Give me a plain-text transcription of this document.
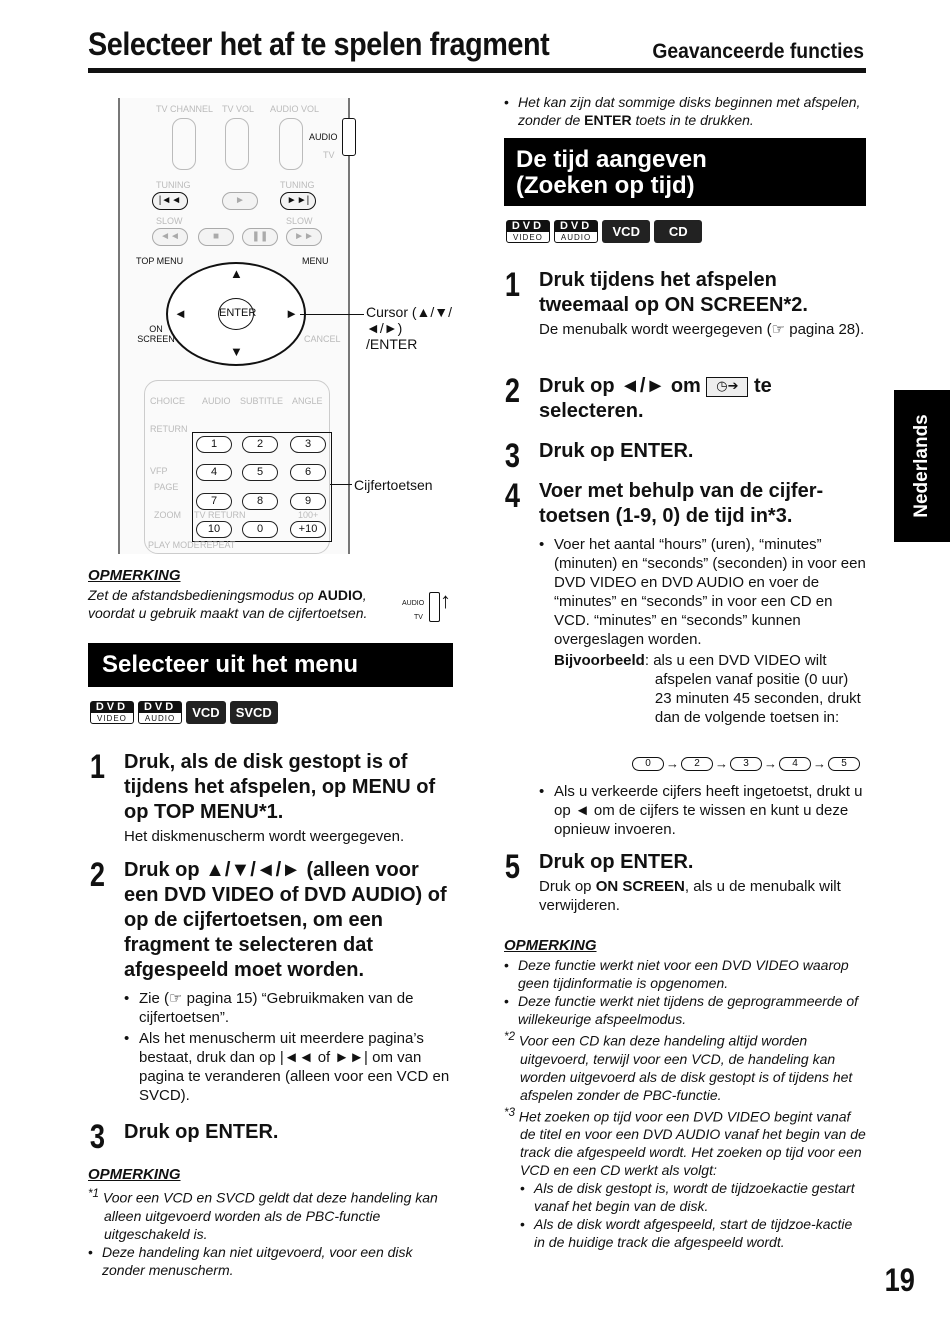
Selecteer het af te spelen fragment	Geavanceerde functies
TV CHANNEL TV VOL AUDIO VOL
AUDIO
TV
TUNING	TUNING
|◄◄	►	►►|
SLOW	SLOW
◄◄	■	❚❚	►►
TOP MENU	MENU
▲
▼
◄	►
ENTER
ON SCREEN	CANCEL
CHOICE AUDIO SUBTITLE ANGLE
RETURN
1	2	3
VFP	4	5	6
PAGE
7	8	9
ZOOM TV RETURN	100+
10	0	+10
PLAY MODE REPEAT
Cursor (▲/▼/◄/►) /ENTER
Cijfertoetsen
OPMERKING
Zet de afstandsbedieningsmodus op AUDIO, voordat u gebruik maakt van de cijfertoetsen.
AUDIO
TV
↑
Selecteer uit het menu
DVD
VIDEO
DVD
AUDIO	VCD	SVCD
1 Druk, als de disk gestopt is of tijdens het afspelen, op MENU of op TOP MENU*1.
Het diskmenuscherm wordt weergegeven.
2 Druk op ▲/▼/◄/► (alleen voor een DVD VIDEO of DVD AUDIO) of op de cijfertoetsen, om een fragment te selecteren dat afgespeeld moet worden.
• Zie (☞ pagina 15) “Gebruikmaken van de cijfertoetsen”.
• Als het menuscherm uit meerdere pagina’s bestaat, druk dan op |◄◄ of ►►| om van pagina te veranderen (alleen voor een VCD en SVCD).
3 Druk op ENTER.
OPMERKING
$^{*1}$ Voor een VCD en SVCD geldt dat deze handeling kan alleen uitgevoerd worden als de PBC-functie uitgeschakeld is.
• Deze handeling kan niet uitgevoerd, voor een disk zonder menuscherm.
• Het kan zijn dat sommige disks beginnen met afspelen, zonder de ENTER toets in te drukken.
De tijd aangeven
(Zoeken op tijd)
DVD
VIDEO
DVD
AUDIO	VCD	CD
1 Druk tijdens het afspelen tweemaal op ON SCREEN*2.
De menubalk wordt weergegeven (☞ pagina 28).
2 Druk op ◄/► om ◷➔ te selecteren.
3 Druk op ENTER.
4 Voer met behulp van de cijfer-toetsen (1-9, 0) de tijd in*3.
• Voer het aantal “hours” (uren), “minutes” (minuten) en “seconds” (seconden) in voor een DVD VIDEO en DVD AUDIO en voer de “minutes” en “seconds” in voor een CD en VCD. “minutes” en “seconds” kunnen overgeslagen worden.
Bijvoorbeeld : als u een DVD VIDEO wilt afspelen vanaf positie (0 uur) 23 minuten 45 seconden, drukt dan de volgende toetsen in:
0	→	2	→	3	→	4	→	5
• Als u verkeerde cijfers heeft ingetoetst, drukt u op ◄ om de cijfers te wissen en kunt u deze opnieuw invoeren.
5 Druk op ENTER.
Druk op ON SCREEN, als u de menubalk wilt verwijderen.
OPMERKING
• Deze functie werkt niet voor een DVD VIDEO waarop geen tijdinformatie is opgenomen.
• Deze functie werkt niet tijdens de geprogrammeerde of willekeurige afspeelmodus.
$^{*2}$ Voor een CD kan deze handeling altijd worden uitgevoerd, terwijl voor een VCD, de handeling kan worden uitgevoerd als de disk gestopt is of tijdens het afspelen zonder de PBC-functie.
$^{*3}$ Het zoeken op tijd voor een DVD VIDEO begint vanaf de titel en voor een DVD AUDIO vanaf het begin van de track die afgespeeld wordt. Het zoeken op tijd voor een VCD en een CD werkt als volgt:
• Als de disk gestopt is, wordt de tijdzoekactie gestart vanaf het begin van de disk.
• Als de disk wordt afgespeeld, start de tijdzoe-kactie in de huidige track die afgespeeld wordt.
Nederlands
19
